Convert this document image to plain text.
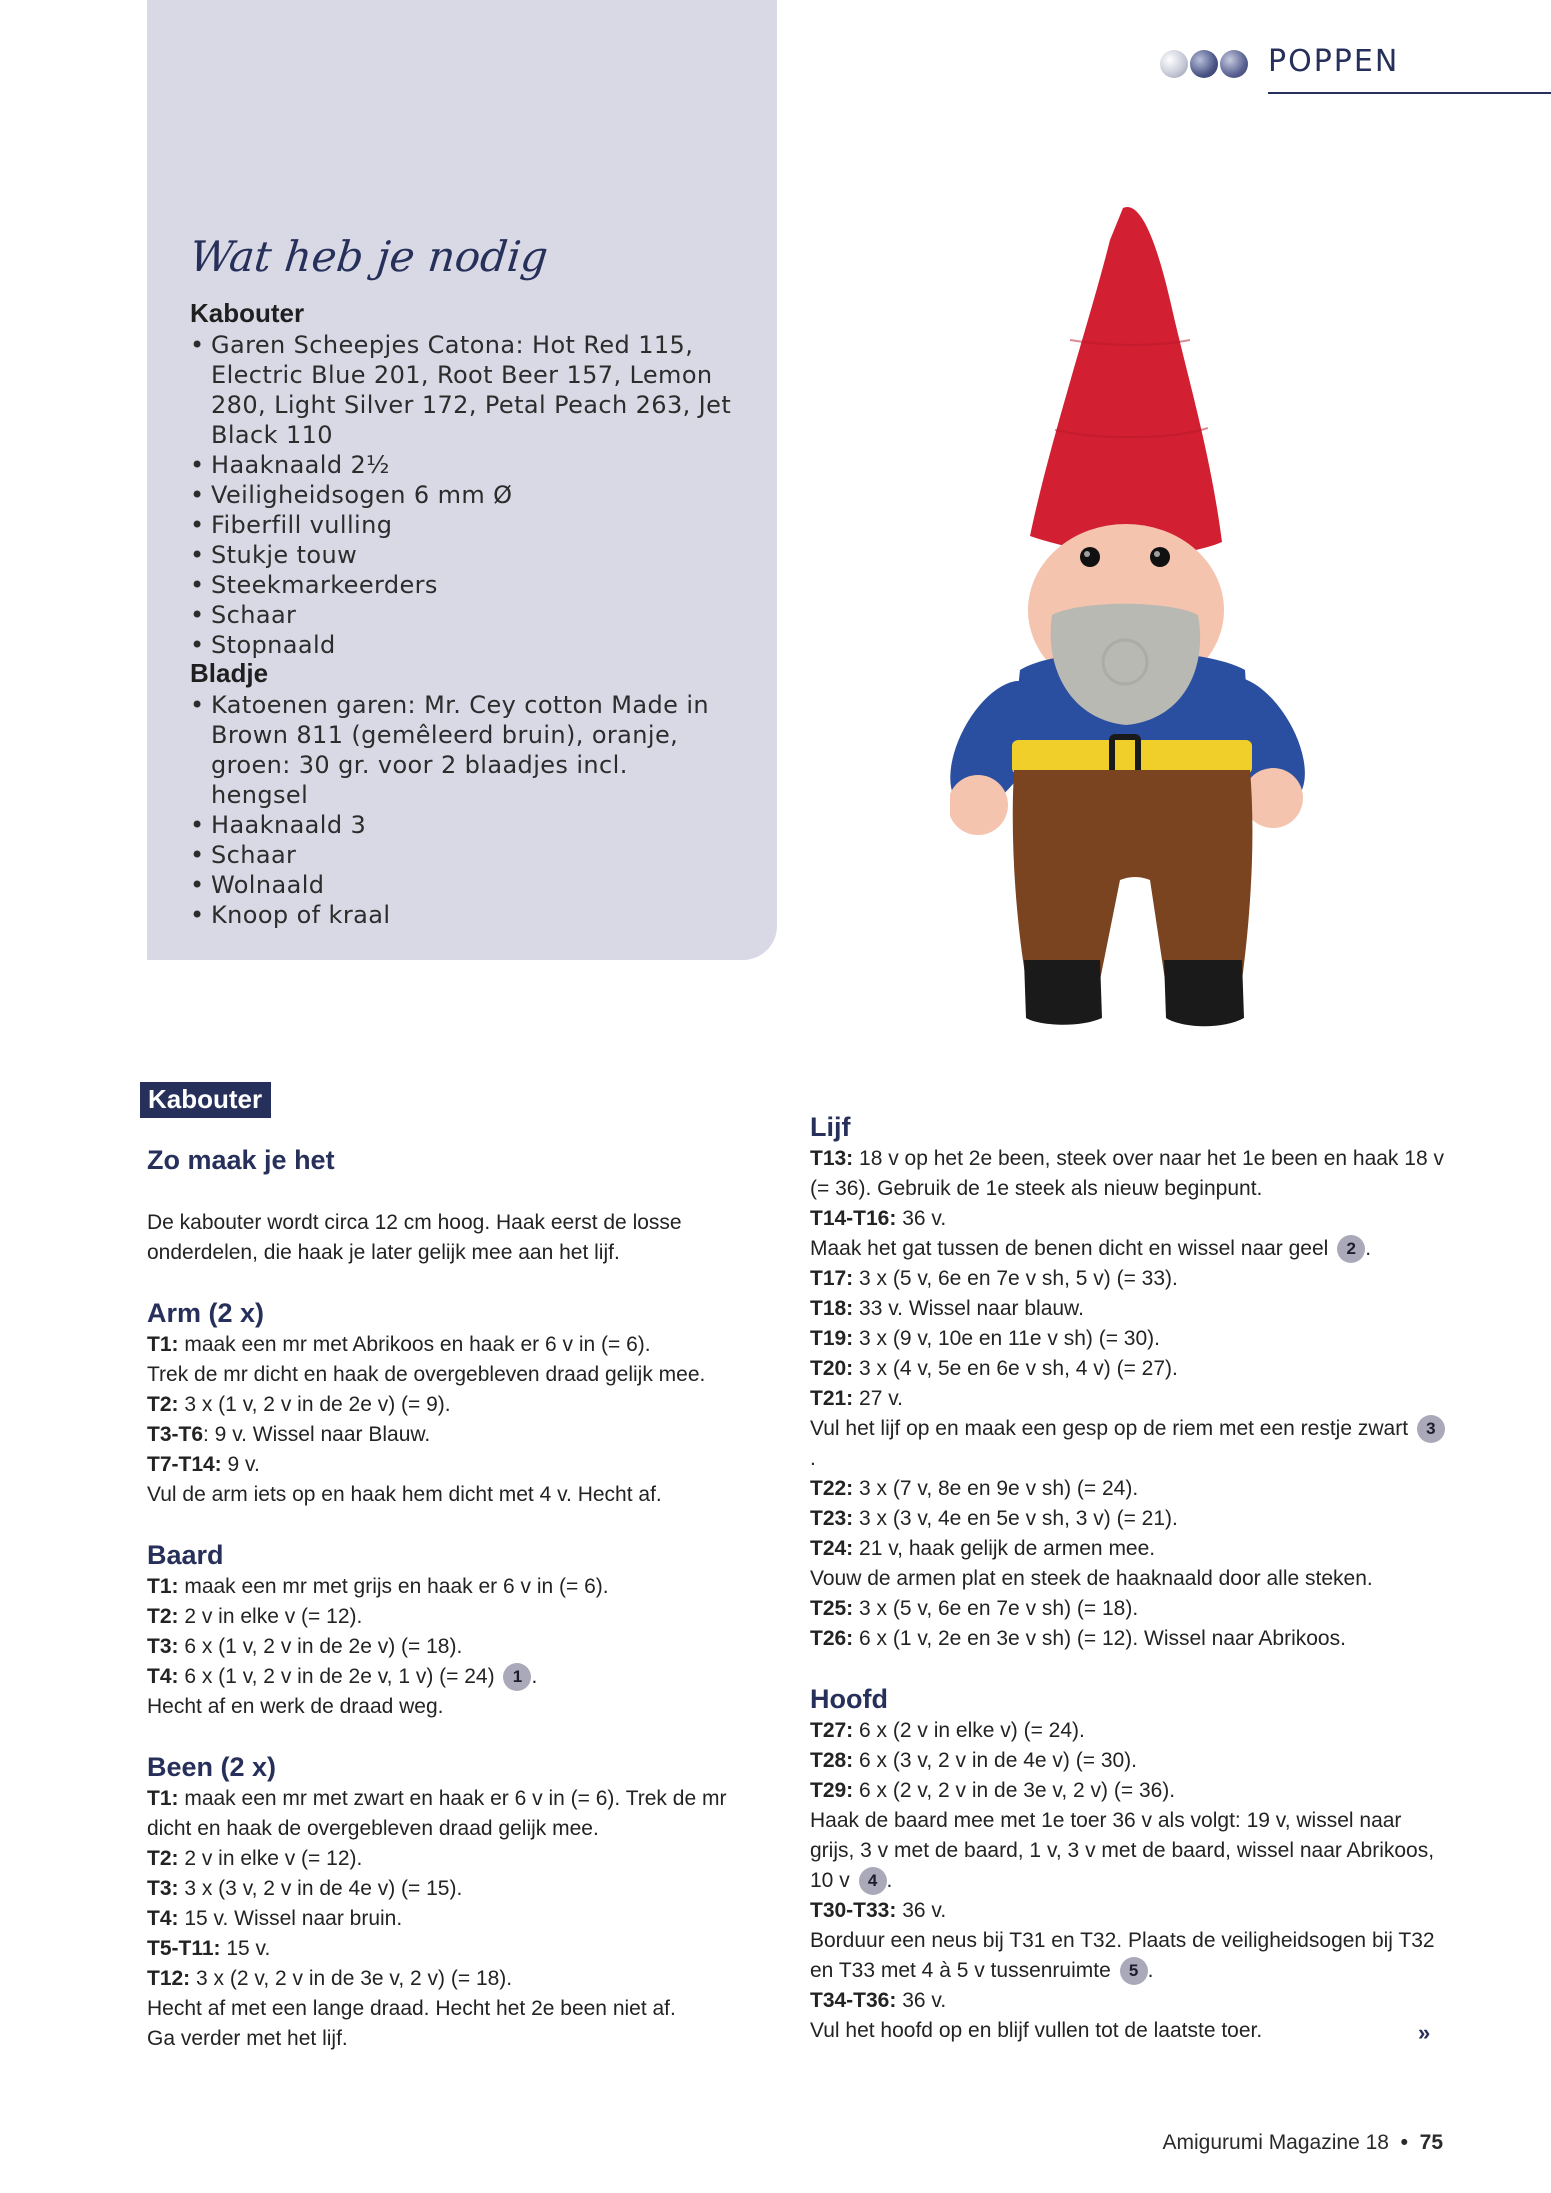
POPPEN
Wat heb je nodig
Kabouter
• Garen Scheepjes Catona: Hot Red 115, Electric Blue 201, Root Beer 157, Lemon 280, Light Silver 172, Petal Peach 263, Jet Black 110
• Haaknaald 2½
• Veiligheidsogen 6 mm Ø
• Fiberfill vulling
• Stukje touw
• Steekmarkeerders
• Schaar
• Stopnaald
Bladje
• Katoenen garen: Mr. Cey cotton Made in Brown 811 (gemêleerd bruin), oranje, groen: 30 gr. voor 2 blaadjes incl. hengsel
• Haaknaald 3
• Schaar
• Wolnaald
• Knoop of kraal
Kabouter
Zo maak je het

De kabouter wordt circa 12 cm hoog. Haak eerst de losse onderdelen, die haak je later gelijk mee aan het lijf.

Arm (2 x)

T1: maak een mr met Abrikoos en haak er 6 v in (= 6).

Trek de mr dicht en haak de overgebleven draad gelijk mee.

T2: 3 x (1 v, 2 v in de 2e v) (= 9).

T3-T6: 9 v. Wissel naar Blauw.

T7-T14: 9 v.

Vul de arm iets op en haak hem dicht met 4 v. Hecht af.

Baard

T1: maak een mr met grijs en haak er 6 v in (= 6).

T2: 2 v in elke v (= 12).

T3: 6 x (1 v, 2 v in de 2e v) (= 18).

T4: 6 x (1 v, 2 v in de 2e v, 1 v) (= 24) 1 .

Hecht af en werk de draad weg.

Been (2 x)

T1: maak een mr met zwart en haak er 6 v in (= 6). Trek de mr dicht en haak de overgebleven draad gelijk mee.

T2: 2 v in elke v (= 12).

T3: 3 x (3 v, 2 v in de 4e v) (= 15).

T4: 15 v. Wissel naar bruin.

T5-T11: 15 v.

T12: 3 x (2 v, 2 v in de 3e v, 2 v) (= 18).

Hecht af met een lange draad. Hecht het 2e been niet af.

Ga verder met het lijf.

Lijf

T13: 18 v op het 2e been, steek over naar het 1e been en haak 18 v (= 36). Gebruik de 1e steek als nieuw beginpunt.

T14-T16: 36 v.

Maak het gat tussen de benen dicht en wissel naar geel 2 .

T17: 3 x (5 v, 6e en 7e v sh, 5 v) (= 33).

T18: 33 v. Wissel naar blauw.

T19: 3 x (9 v, 10e en 11e v sh) (= 30).

T20: 3 x (4 v, 5e en 6e v sh, 4 v) (= 27).

T21: 27 v.

Vul het lijf op en maak een gesp op de riem met een restje zwart 3.

T22: 3 x (7 v, 8e en 9e v sh) (= 24).

T23: 3 x (3 v, 4e en 5e v sh, 3 v) (= 21).

T24: 21 v, haak gelijk de armen mee.

Vouw de armen plat en steek de haaknaald door alle steken.

T25: 3 x (5 v, 6e en 7e v sh) (= 18).

T26: 6 x (1 v, 2e en 3e v sh) (= 12). Wissel naar Abrikoos.

Hoofd

T27: 6 x (2 v in elke v) (= 24).

T28: 6 x (3 v, 2 v in de 4e v) (= 30).

T29: 6 x (2 v, 2 v in de 3e v, 2 v) (= 36).

Haak de baard mee met 1e toer 36 v als volgt: 19 v, wissel naar grijs, 3 v met de baard, 1 v, 3 v met de baard, wissel naar Abrikoos, 10 v 4 .

T30-T33: 36 v.

Borduur een neus bij T31 en T32. Plaats de veiligheidsogen bij T32 en T33 met 4 à 5 v tussenruimte 5 .

T34-T36: 36 v.

Vul het hoofd op en blijf vullen tot de laatste toer.	»
Amigurumi Magazine 18 • 75
